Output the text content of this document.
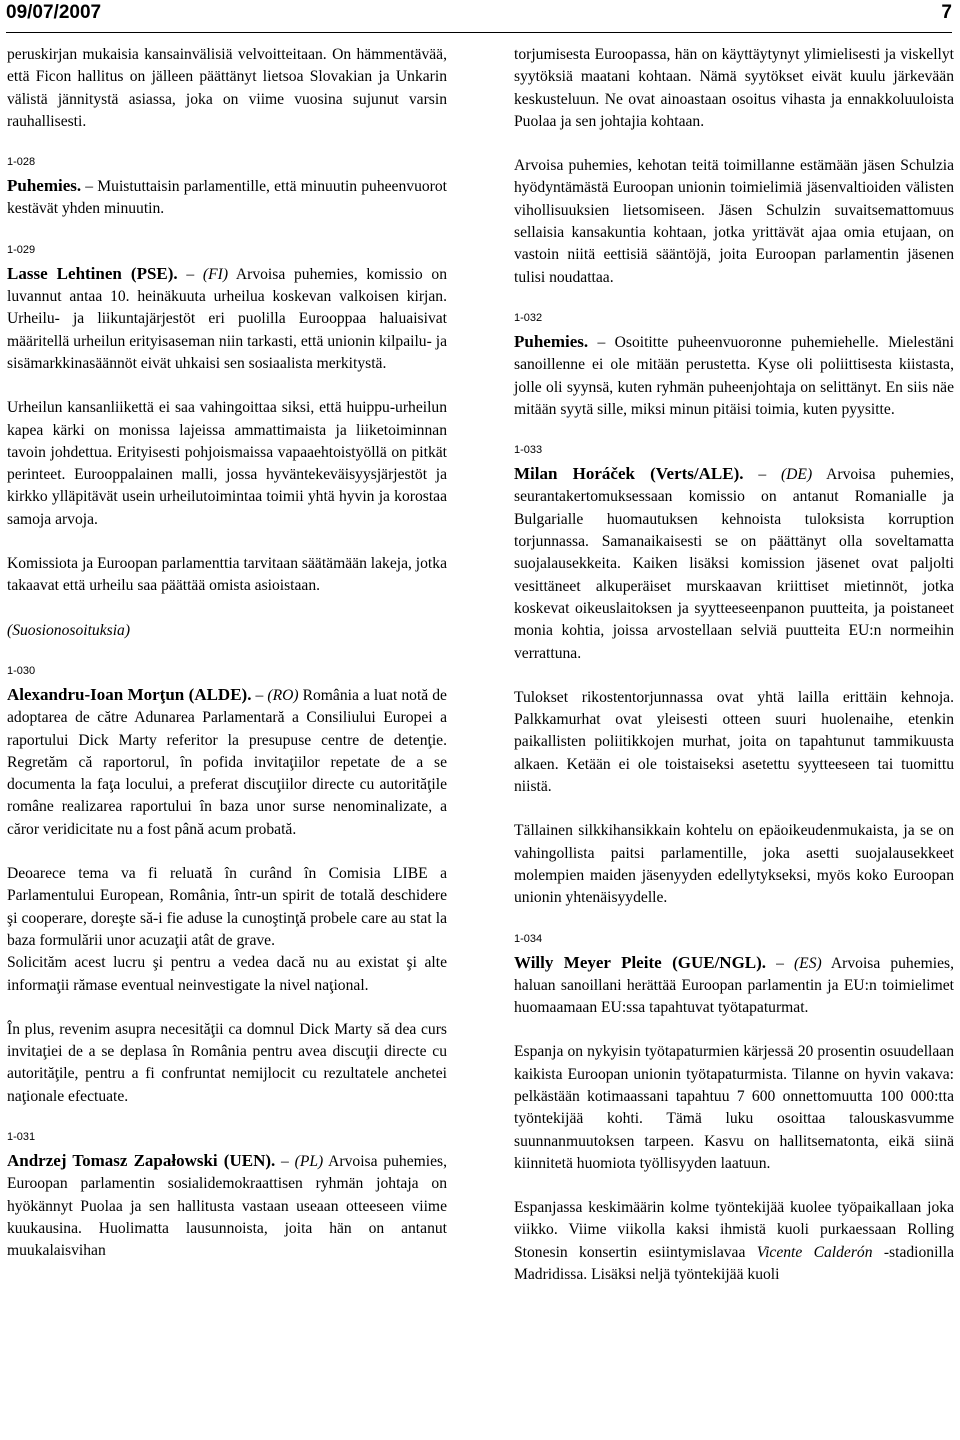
09/07/2007	7

peruskirjan mukaisia kansainvälisiä velvoitteitaan. On hämmentävää, että Ficon hallitus on jälleen päättänyt lietsoa Slovakian ja Unkarin välistä jännitystä asiassa, joka on viime vuosina sujunut varsin rauhallisesti.

1-028

Puhemies. – Muistuttaisin parlamentille, että minuutin puheenvuorot kestävät yhden minuutin.

1-029

Lasse Lehtinen (PSE). – (FI) Arvoisa puhemies, komissio on luvannut antaa 10. heinäkuuta urheilua koskevan valkoisen kirjan. Urheilu- ja liikuntajärjestöt eri puolilla Eurooppaa haluaisivat määritellä urheilun erityisaseman niin tarkasti, että unionin kilpailu- ja sisämarkkinasäännöt eivät uhkaisi sen sosiaalista merkitystä.

Urheilun kansanliikettä ei saa vahingoittaa siksi, että huippu-urheilun kapea kärki on monissa lajeissa ammattimaista ja liiketoiminnan tavoin johdettua. Erityisesti pohjoismaissa vapaaehtoistyöllä on pitkät perinteet. Eurooppalainen malli, jossa hyväntekeväisyysjärjestöt ja kirkko ylläpitävät usein urheilutoimintaa toimii yhtä hyvin ja korostaa samoja arvoja.

Komissiota ja Euroopan parlamenttia tarvitaan säätämään lakeja, jotka takaavat että urheilu saa päättää omista asioistaan.

(Suosionosoituksia)

1-030

Alexandru-Ioan Morţun (ALDE). – (RO) România a luat notă de adoptarea de către Adunarea Parlamentară a Consiliului Europei a raportului Dick Marty referitor la presupuse centre de detenţie. Regretăm că raportorul, în pofida invitaţiilor repetate de a se documenta la faţa locului, a preferat discuţiilor directe cu autorităţile române realizarea raportului în baza unor surse nenominalizate, a căror veridicitate nu a fost până acum probată.

Deoarece tema va fi reluată în curând în Comisia LIBE a Parlamentului European, România, într-un spirit de totală deschidere şi cooperare, doreşte să-i fie aduse la cunoştinţă probele care au stat la baza formulării unor acuzaţii atât de grave.

Solicităm acest lucru şi pentru a vedea dacă nu au existat şi alte informaţii rămase eventual neinvestigate la nivel naţional.

În plus, revenim asupra necesităţii ca domnul Dick Marty să dea curs invitaţiei de a se deplasa în România pentru avea discuţii directe cu autorităţile, pentru a fi confruntat nemijlocit cu rezultatele anchetei naţionale efectuate.

1-031

Andrzej Tomasz Zapałowski (UEN). – (PL) Arvoisa puhemies, Euroopan parlamentin sosialidemokraattisen ryhmän johtaja on hyökännyt Puolaa ja sen hallitusta vastaan useaan otteeseen viime kuukausina. Huolimatta lausunnoista, joita hän on antanut muukalaisvihan

torjumisesta Euroopassa, hän on käyttäytynyt ylimielisesti ja viskellyt syytöksiä maatani kohtaan. Nämä syytökset eivät kuulu järkevään keskusteluun. Ne ovat ainoastaan osoitus vihasta ja ennakkoluuloista Puolaa ja sen johtajia kohtaan.

Arvoisa puhemies, kehotan teitä toimillanne estämään jäsen Schulzia hyödyntämästä Euroopan unionin toimielimiä jäsenvaltioiden välisten vihollisuuksien lietsomiseen. Jäsen Schulzin suvaitsemattomuus sellaisia kansakuntia kohtaan, jotka yrittävät ajaa omia etujaan, on vastoin niitä eettisiä sääntöjä, joita Euroopan parlamentin jäsenen tulisi noudattaa.

1-032

Puhemies. – Osoititte puheenvuoronne puhemiehelle. Mielestäni sanoillenne ei ole mitään perustetta. Kyse oli poliittisesta kiistasta, jolle oli syynsä, kuten ryhmän puheenjohtaja on selittänyt. En siis näe mitään syytä sille, miksi minun pitäisi toimia, kuten pyysitte.

1-033

Milan Horáček (Verts/ALE). – (DE) Arvoisa puhemies, seurantakertomuksessaan komissio on antanut Romanialle ja Bulgarialle huomautuksen kehnoista tuloksista korruption torjunnassa. Samanaikaisesti se on päättänyt olla soveltamatta suojalausekkeita. Kaiken lisäksi komission jäsenet ovat paljolti vesittäneet alkuperäiset murskaavan kriittiset mietinnöt, jotka koskevat oikeuslaitoksen ja syytteeseenpanon puutteita, ja poistaneet monia kohtia, joissa arvostellaan selviä puutteita EU:n normeihin verrattuna.

Tulokset rikostentorjunnassa ovat yhtä lailla erittäin kehnoja. Palkkamurhat ovat yleisesti otteen suuri huolenaihe, etenkin paikallisten poliitikkojen murhat, joita on tapahtunut tammikuusta alkaen. Ketään ei ole toistaiseksi asetettu syytteeseen tai tuomittu niistä.

Tällainen silkkihansikkain kohtelu on epäoikeudenmukaista, ja se on vahingollista paitsi parlamentille, joka asetti suojalausekkeet molempien maiden jäsenyyden edellytykseksi, myös koko Euroopan unionin yhtenäisyydelle.

1-034

Willy Meyer Pleite (GUE/NGL). – (ES) Arvoisa puhemies, haluan sanoillani herättää Euroopan parlamentin ja EU:n toimielimet huomaamaan EU:ssa tapahtuvat työtapaturmat.

Espanja on nykyisin työtapaturmien kärjessä 20 prosentin osuudellaan kaikista Euroopan unionin työtapaturmista. Tilanne on hyvin vakava: pelkästään kotimaassani tapahtuu 7 600 onnettomuutta 100 000:tta työntekijää kohti. Tämä luku osoittaa talouskasvumme suunnanmuutoksen tarpeen. Kasvu on hallitsematonta, eikä siinä kiinnitetä huomiota työllisyyden laatuun.

Espanjassa keskimäärin kolme työntekijää kuolee työpaikallaan joka viikko. Viime viikolla kaksi ihmistä kuoli purkaessaan Rolling Stonesin konsertin esiintymislavaa Vicente Calderón -stadionilla Madridissa. Lisäksi neljä työntekijää kuoli
